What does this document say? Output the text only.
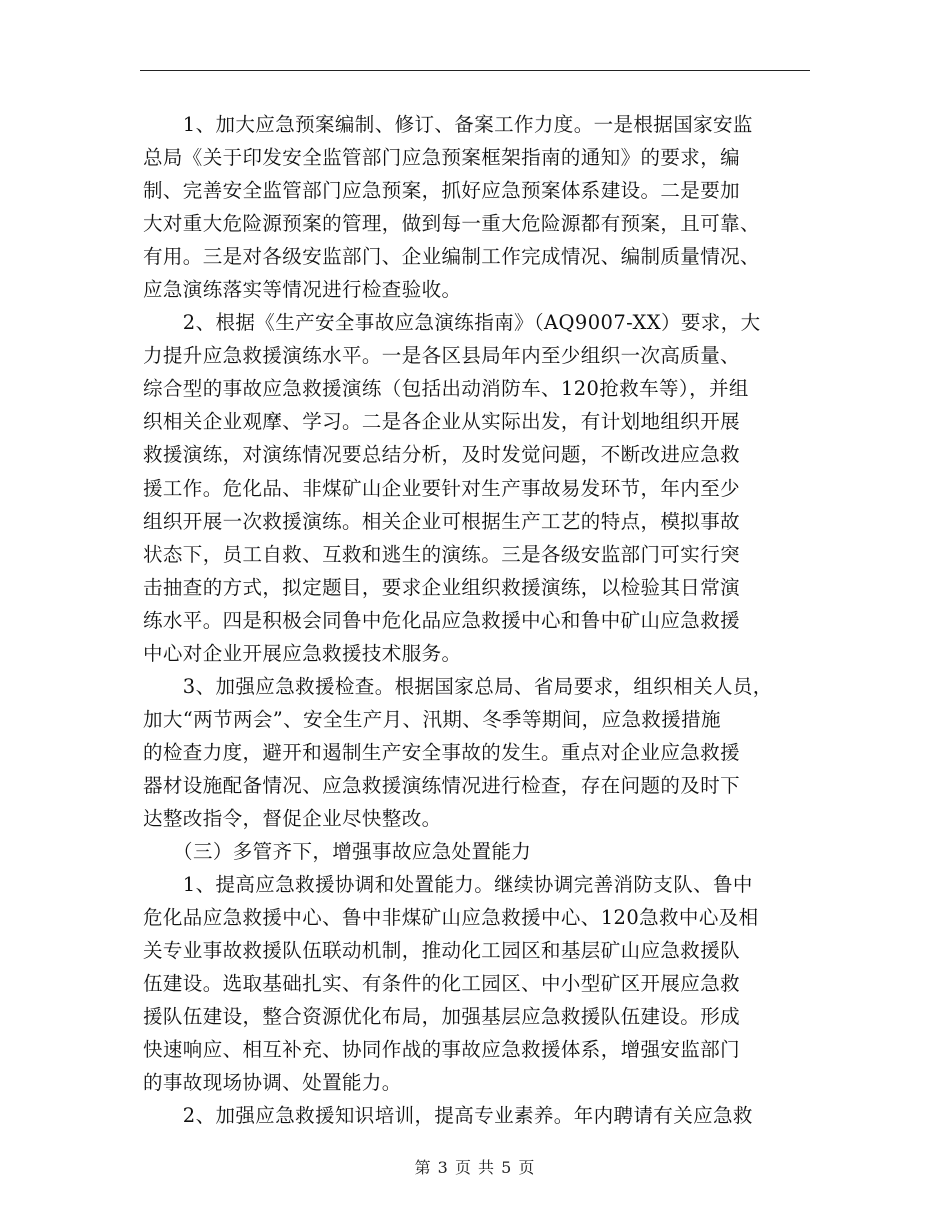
　　1、加大应急预案编制、修订、备案工作力度。一是根据国家安监
总局《关于印发安全监管部门应急预案框架指南的通知》的要求，编
制、完善安全监管部门应急预案，抓好应急预案体系建设。二是要加
大对重大危险源预案的管理，做到每一重大危险源都有预案，且可靠、
有用。三是对各级安监部门、企业编制工作完成情况、编制质量情况、
应急演练落实等情况进行检查验收。
　　2、根据《生产安全事故应急演练指南》（AQ9007-XX）要求，大
力提升应急救援演练水平。一是各区县局年内至少组织一次高质量、
综合型的事故应急救援演练（包括出动消防车、120抢救车等），并组
织相关企业观摩、学习。二是各企业从实际出发，有计划地组织开展
救援演练，对演练情况要总结分析，及时发觉问题，不断改进应急救
援工作。危化品、非煤矿山企业要针对生产事故易发环节，年内至少
组织开展一次救援演练。相关企业可根据生产工艺的特点，模拟事故
状态下，员工自救、互救和逃生的演练。三是各级安监部门可实行突
击抽查的方式，拟定题目，要求企业组织救援演练，以检验其日常演
练水平。四是积极会同鲁中危化品应急救援中心和鲁中矿山应急救援
中心对企业开展应急救援技术服务。
　　3、加强应急救援检查。根据国家总局、省局要求，组织相关人员，
加大“两节两会”、安全生产月、汛期、冬季等期间，应急救援措施
的检查力度，避开和遏制生产安全事故的发生。重点对企业应急救援
器材设施配备情况、应急救援演练情况进行检查，存在问题的及时下
达整改指令，督促企业尽快整改。
　　（三）多管齐下，增强事故应急处置能力
　　1、提高应急救援协调和处置能力。继续协调完善消防支队、鲁中
危化品应急救援中心、鲁中非煤矿山应急救援中心、120急救中心及相
关专业事故救援队伍联动机制，推动化工园区和基层矿山应急救援队
伍建设。选取基础扎实、有条件的化工园区、中小型矿区开展应急救
援队伍建设，整合资源优化布局，加强基层应急救援队伍建设。形成
快速响应、相互补充、协同作战的事故应急救援体系，增强安监部门
的事故现场协调、处置能力。
　　2、加强应急救援知识培训，提高专业素养。年内聘请有关应急救
第 3 页 共 5 页
